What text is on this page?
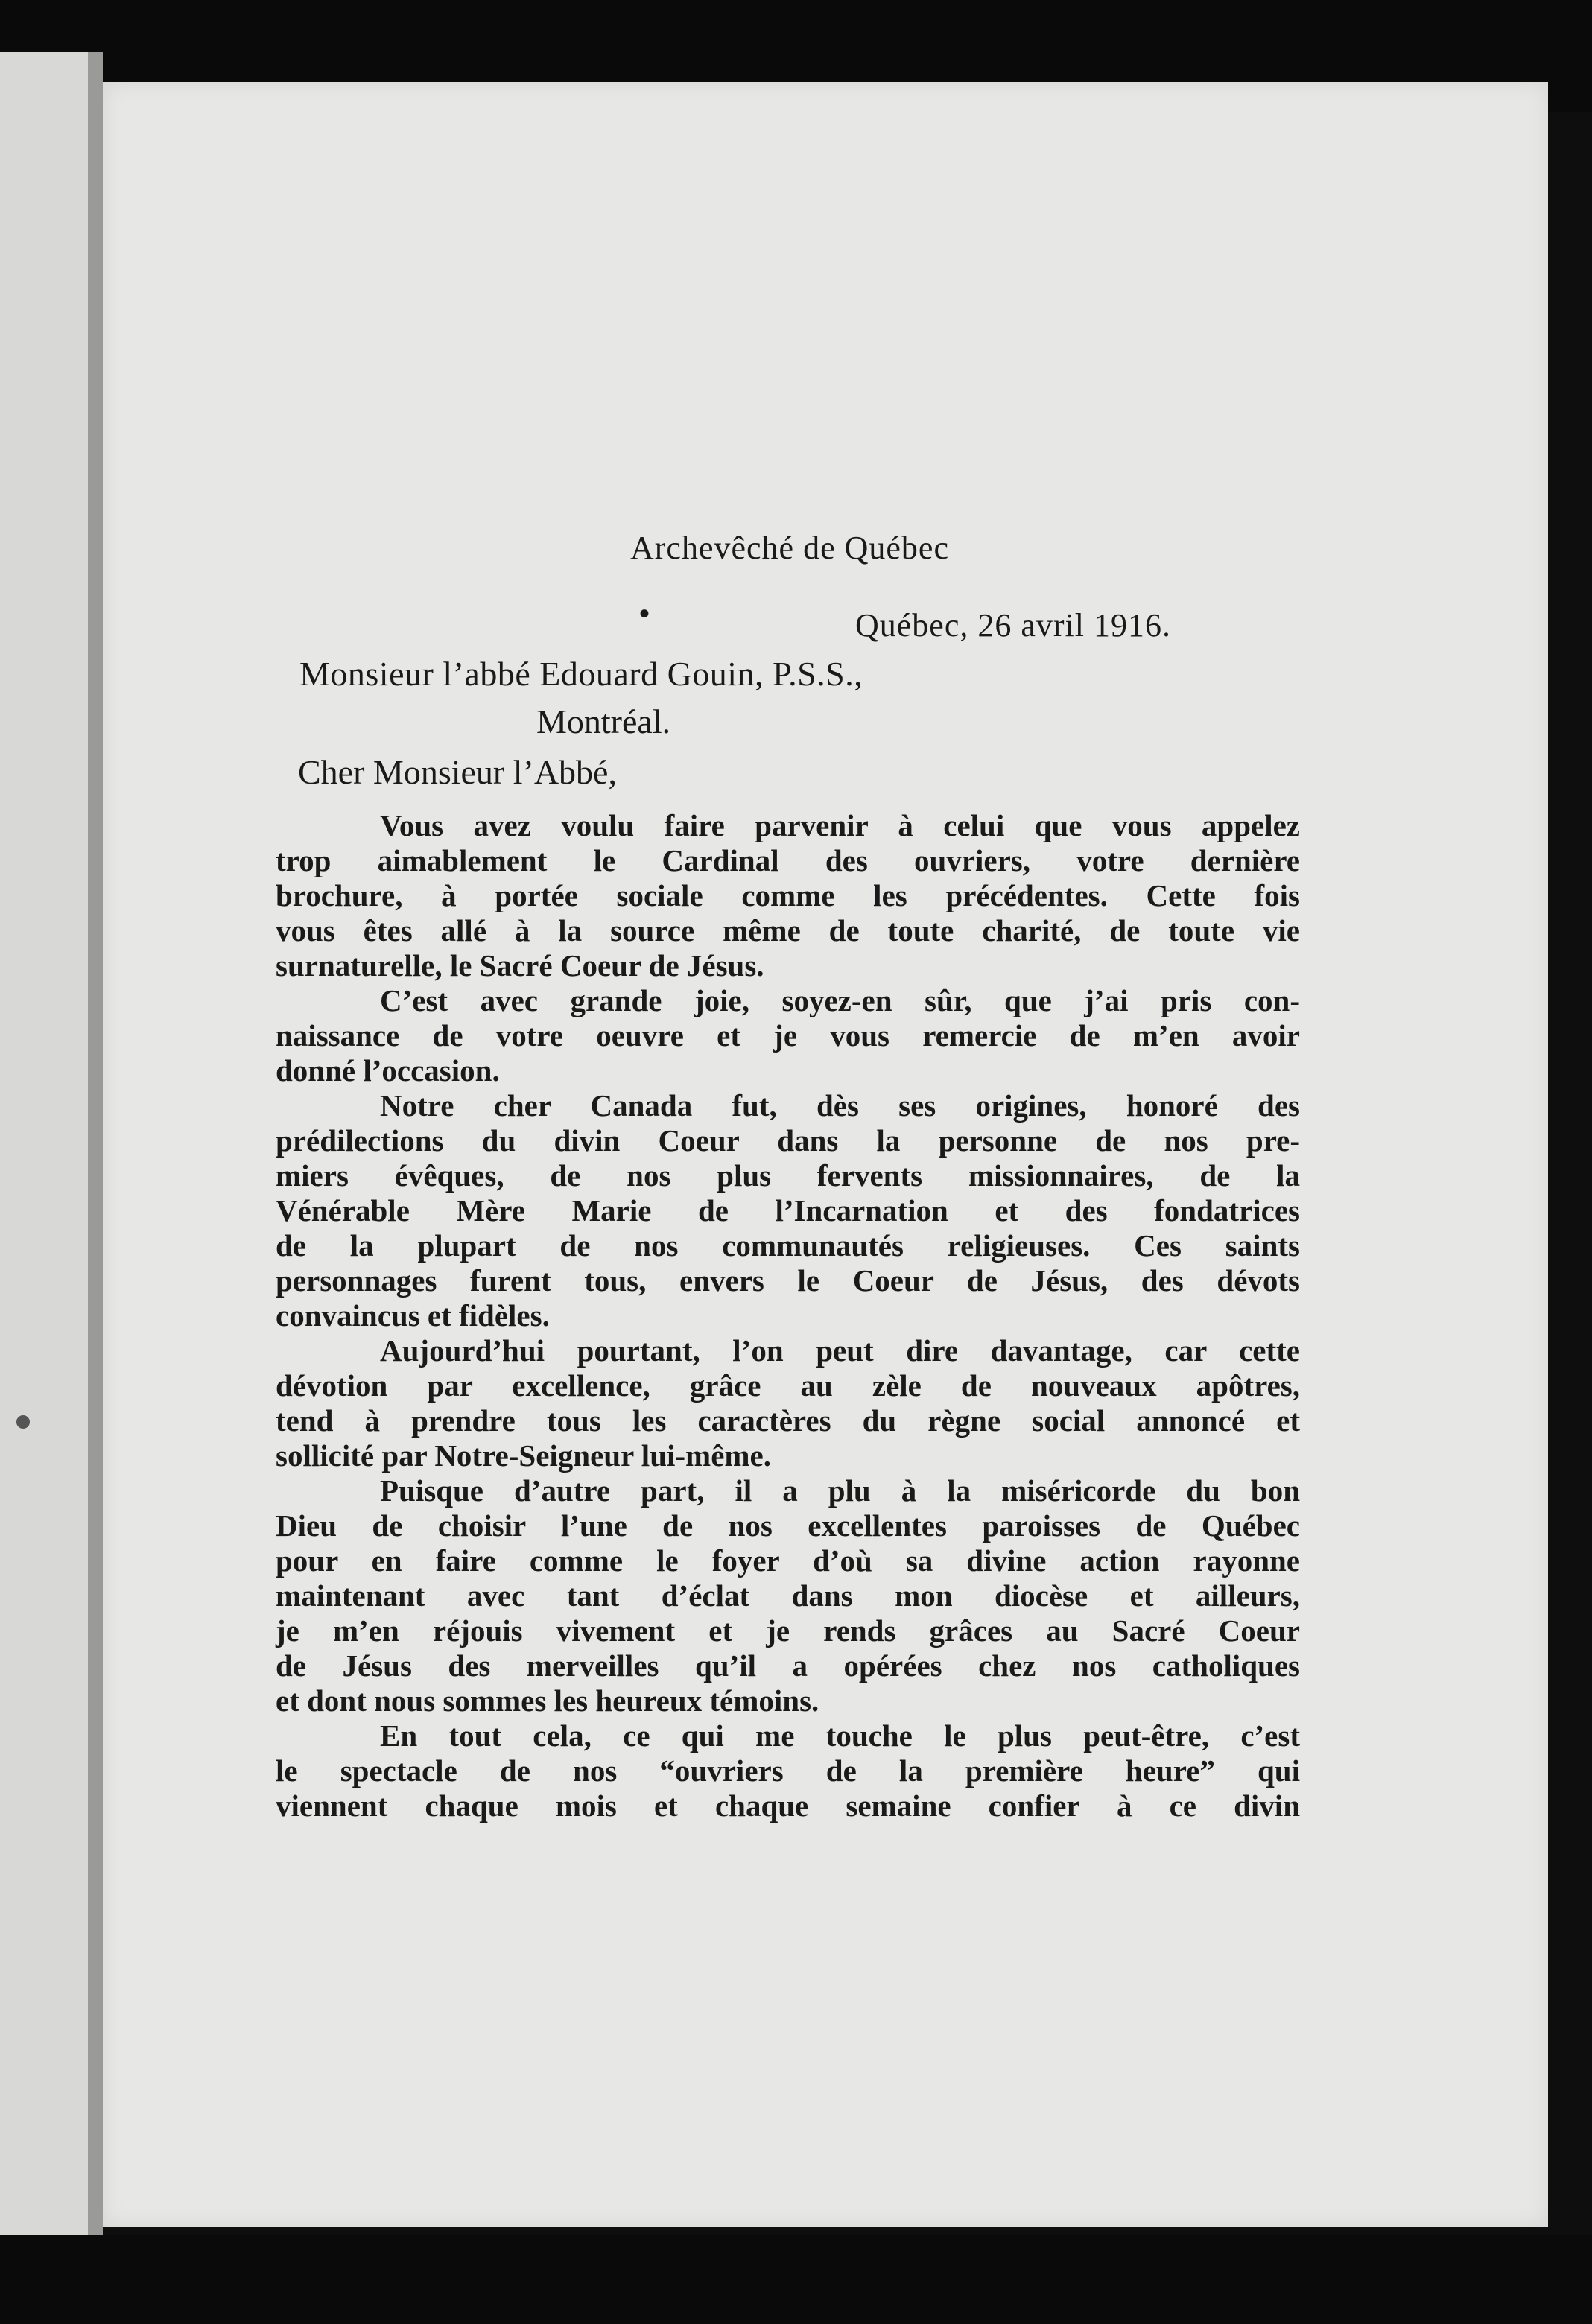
Archevêché de Québec
•	Québec, 26 avril 1916.
Monsieur l’abbé Edouard Gouin, P.S.S.,
Montréal.
Cher Monsieur l’Abbé,
Vous avez voulu faire parvenir à celui que vous appelez
trop aimablement le Cardinal des ouvriers, votre dernière
brochure, à portée sociale comme les précédentes. Cette fois
vous êtes allé à la source même de toute charité, de toute vie
surnaturelle, le Sacré Coeur de Jésus.
C’est avec grande joie, soyez-en sûr, que j’ai pris con-
naissance de votre oeuvre et je vous remercie de m’en avoir
donné l’occasion.
Notre cher Canada fut, dès ses origines, honoré des
prédilections du divin Coeur dans la personne de nos pre-
miers évêques, de nos plus fervents missionnaires, de la
Vénérable Mère Marie de l’Incarnation et des fondatrices
de la plupart de nos communautés religieuses. Ces saints
personnages furent tous, envers le Coeur de Jésus, des dévots
convaincus et fidèles.
Aujourd’hui pourtant, l’on peut dire davantage, car cette
dévotion par excellence, grâce au zèle de nouveaux apôtres,
tend à prendre tous les caractères du règne social annoncé et
sollicité par Notre-Seigneur lui-même.
Puisque d’autre part, il a plu à la miséricorde du bon
Dieu de choisir l’une de nos excellentes paroisses de Québec
pour en faire comme le foyer d’où sa divine action rayonne
maintenant avec tant d’éclat dans mon diocèse et ailleurs,
je m’en réjouis vivement et je rends grâces au Sacré Coeur
de Jésus des merveilles qu’il a opérées chez nos catholiques
et dont nous sommes les heureux témoins.
En tout cela, ce qui me touche le plus peut-être, c’est
le spectacle de nos “ouvriers de la première heure” qui
viennent chaque mois et chaque semaine confier à ce divin
